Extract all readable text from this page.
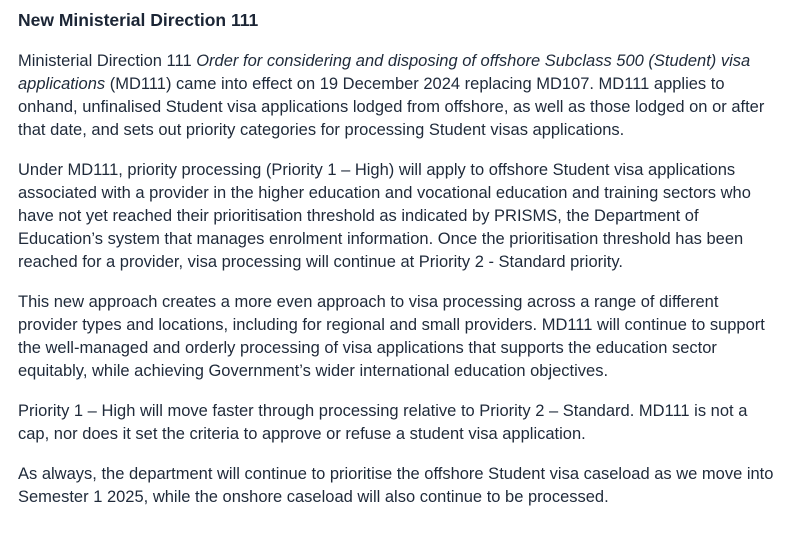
New Ministerial Direction 111

Ministerial Direction 111 Order for considering and disposing of offshore Subclass 500 (Student) visa applications (MD111) came into effect on 19 December 2024 replacing MD107. MD111 applies to onhand, unfinalised Student visa applications lodged from offshore, as well as those lodged on or after that date, and sets out priority categories for processing Student visas applications.

Under MD111, priority processing (Priority 1 – High) will apply to offshore Student visa applications associated with a provider in the higher education and vocational education and training sectors who have not yet reached their prioritisation threshold as indicated by PRISMS, the Department of Education’s system that manages enrolment information. Once the prioritisation threshold has been reached for a provider, visa processing will continue at Priority 2 - Standard priority.

This new approach creates a more even approach to visa processing across a range of different provider types and locations, including for regional and small providers. MD111 will continue to support the well-managed and orderly processing of visa applications that supports the education sector equitably, while achieving Government’s wider international education objectives.

Priority 1 – High will move faster through processing relative to Priority 2 – Standard. MD111 is not a cap, nor does it set the criteria to approve or refuse a student visa application.

As always, the department will continue to prioritise the offshore Student visa caseload as we move into Semester 1 2025, while the onshore caseload will also continue to be processed.
